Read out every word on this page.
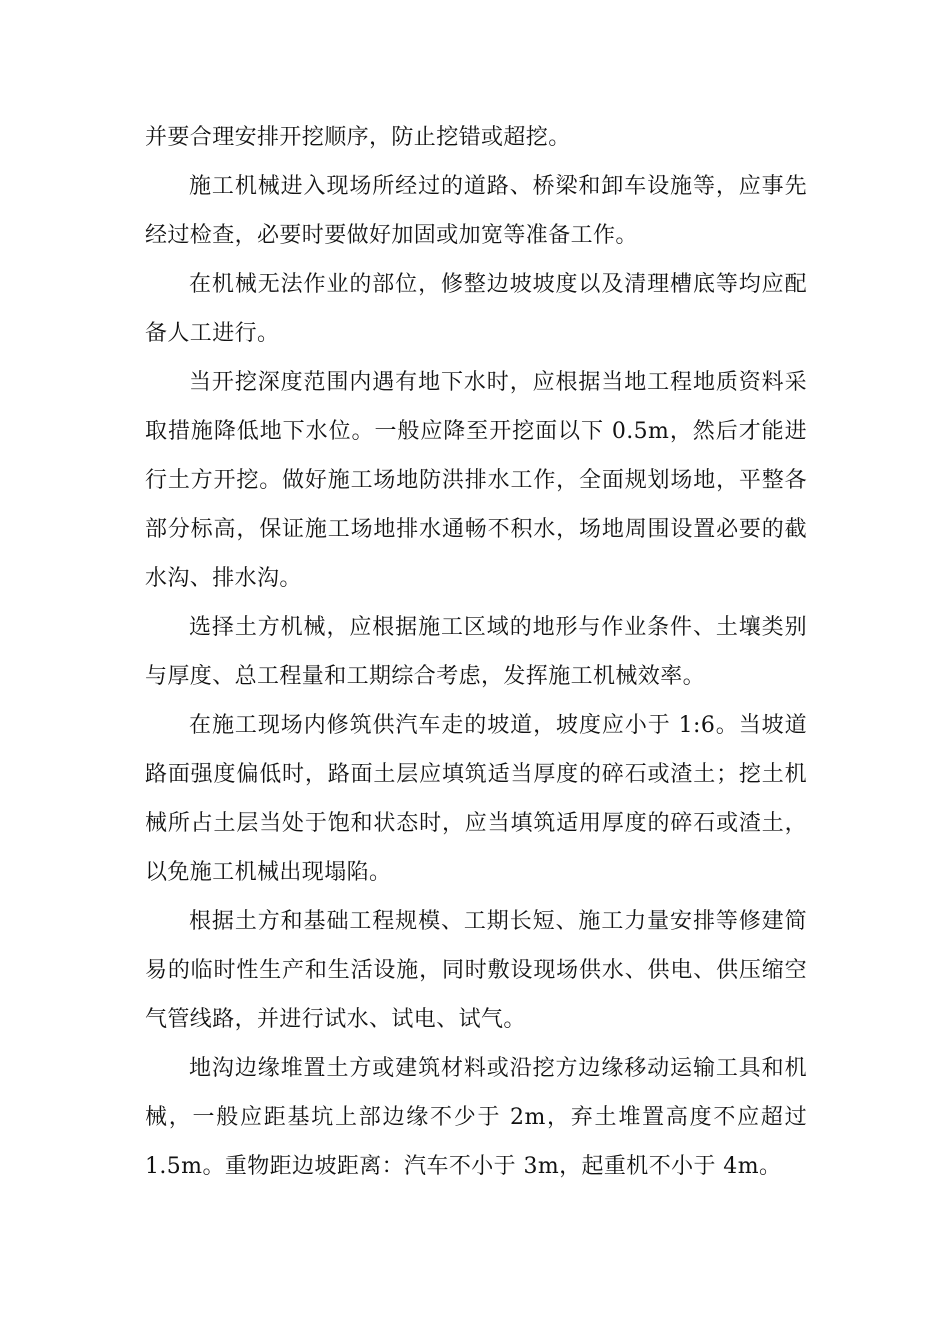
并要合理安排开挖顺序，防止挖错或超挖。

施工机械进入现场所经过的道路、桥梁和卸车设施等，应事先经过检查，必要时要做好加固或加宽等准备工作。

在机械无法作业的部位，修整边坡坡度以及清理槽底等均应配备人工进行。

当开挖深度范围内遇有地下水时，应根据当地工程地质资料采取措施降低地下水位。一般应降至开挖面以下 0.5m，然后才能进行土方开挖。做好施工场地防洪排水工作，全面规划场地，平整各部分标高，保证施工场地排水通畅不积水，场地周围设置必要的截水沟、排水沟。

选择土方机械，应根据施工区域的地形与作业条件、土壤类别与厚度、总工程量和工期综合考虑，发挥施工机械效率。

在施工现场内修筑供汽车走的坡道，坡度应小于 1:6。当坡道路面强度偏低时，路面土层应填筑适当厚度的碎石或渣土；挖土机械所占土层当处于饱和状态时，应当填筑适用厚度的碎石或渣土，以免施工机械出现塌陷。

根据土方和基础工程规模、工期长短、施工力量安排等修建简易的临时性生产和生活设施，同时敷设现场供水、供电、供压缩空气管线路，并进行试水、试电、试气。

地沟边缘堆置土方或建筑材料或沿挖方边缘移动运输工具和机械，一般应距基坑上部边缘不少于 2m，弃土堆置高度不应超过 1.5m。重物距边坡距离：汽车不小于 3m，起重机不小于 4m。
